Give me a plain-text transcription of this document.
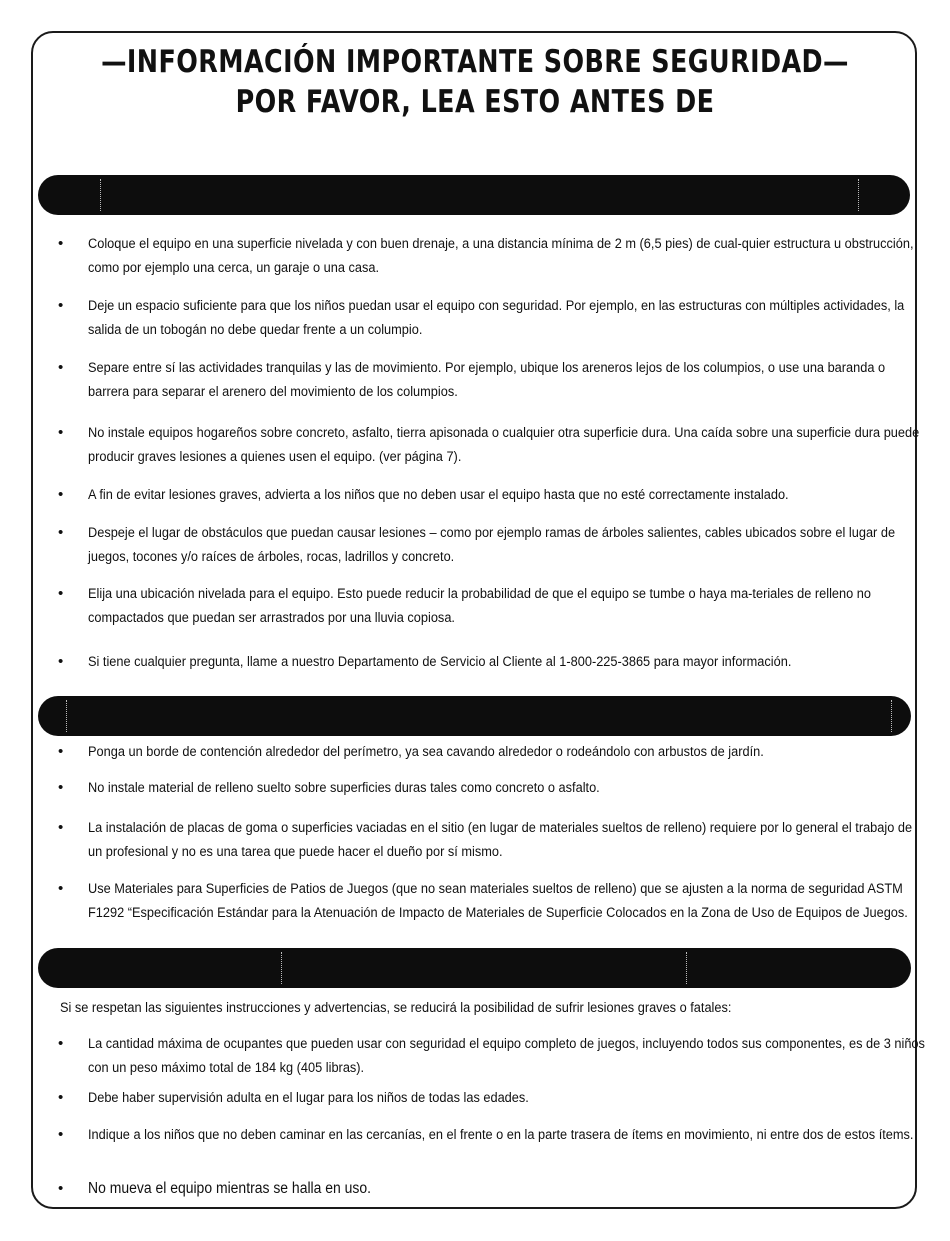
—INFORMACIÓN IMPORTANTE SOBRE SEGURIDAD—
POR FAVOR, LEA ESTO ANTES DE
• Coloque el equipo en una superficie nivelada y con buen drenaje, a una distancia mínima de 2 m (6,5 pies) de cual-quier estructura u obstrucción, como por ejemplo una cerca, un garaje o una casa.
• Deje un espacio suficiente para que los niños puedan usar el equipo con seguridad. Por ejemplo, en las estructuras con múltiples actividades, la salida de un tobogán no debe quedar frente a un columpio.
• Separe entre sí las actividades tranquilas y las de movimiento. Por ejemplo, ubique los areneros lejos de los columpios, o use una baranda o barrera para separar el arenero del movimiento de los columpios.
• No instale equipos hogareños sobre concreto, asfalto, tierra apisonada o cualquier otra superficie dura. Una caída sobre una superficie dura puede producir graves lesiones a quienes usen el equipo. (ver página 7).
• A fin de evitar lesiones graves, advierta a los niños que no deben usar el equipo hasta que no esté correctamente instalado.
• Despeje el lugar de obstáculos que puedan causar lesiones – como por ejemplo ramas de árboles salientes, cables ubicados sobre el lugar de juegos, tocones y/o raíces de árboles, rocas, ladrillos y concreto.
• Elija una ubicación nivelada para el equipo. Esto puede reducir la probabilidad de que el equipo se tumbe o haya ma-teriales de relleno no compactados que puedan ser arrastrados por una lluvia copiosa.
• Si tiene cualquier pregunta, llame a nuestro Departamento de Servicio al Cliente al 1-800-225-3865 para mayor información.
• Ponga un borde de contención alrededor del perímetro, ya sea cavando alrededor o rodeándolo con arbustos de jardín.
• No instale material de relleno suelto sobre superficies duras tales como concreto o asfalto.
• La instalación de placas de goma o superficies vaciadas en el sitio (en lugar de materiales sueltos de relleno) requiere por lo general el trabajo de un profesional y no es una tarea que puede hacer el dueño por sí mismo.
• Use Materiales para Superficies de Patios de Juegos (que no sean materiales sueltos de relleno) que se ajusten a la norma de seguridad ASTM F1292 “Especificación Estándar para la Atenuación de Impacto de Materiales de Superficie Colocados en la Zona de Uso de Equipos de Juegos.
Si se respetan las siguientes instrucciones y advertencias, se reducirá la posibilidad de sufrir lesiones graves o fatales:
• La cantidad máxima de ocupantes que pueden usar con seguridad el equipo completo de juegos, incluyendo todos sus componentes, es de 3 niños con un peso máximo total de 184 kg (405 libras).
• Debe haber supervisión adulta en el lugar para los niños de todas las edades.
• Indique a los niños que no deben caminar en las cercanías, en el frente o en la parte trasera de ítems en movimiento, ni entre dos de estos ítems.
• No mueva el equipo mientras se halla en uso.
